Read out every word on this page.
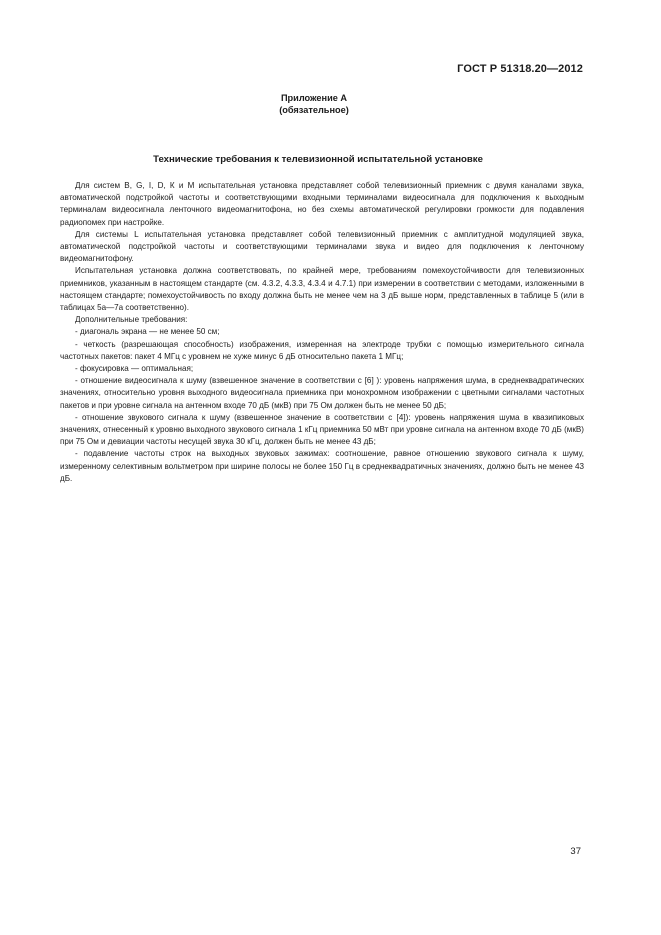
ГОСТ Р 51318.20—2012
Приложение А
(обязательное)
Технические требования к телевизионной испытательной установке

Для систем В, G, I, D, К и М испытательная установка представляет собой телевизионный приемник с двумя каналами звука, автоматической подстройкой частоты и соответствующими входными терминалами видеосигнала для подключения к выходным терминалам видеосигнала ленточного видеомагнитофона, но без схемы автоматической регулировки громкости для подавления радиопомех при настройке.

Для системы L испытательная установка представляет собой телевизионный приемник с амплитудной модуляцией звука, автоматической подстройкой частоты и соответствующими терминалами звука и видео для подключения к ленточному видеомагнитофону.

Испытательная установка должна соответствовать, по крайней мере, требованиям помехоустойчивости для телевизионных приемников, указанным в настоящем стандарте (см. 4.3.2, 4.3.3, 4.3.4 и 4.7.1) при измерении в соответствии с методами, изложенными в настоящем стандарте; помехоустойчивость по входу должна быть не менее чем на 3 дБ выше норм, представленных в таблице 5 (или в таблицах 5а—7а соответственно).

Дополнительные требования:

- диагональ экрана — не менее 50 см;

- четкость (разрешающая способность) изображения, измеренная на электроде трубки с помощью измерительного сигнала частотных пакетов: пакет 4 МГц с уровнем не хуже минус 6 дБ относительно пакета 1 МГц;

- фокусировка — оптимальная;

- отношение видеосигнала к шуму (взвешенное значение в соответствии с [6] ): уровень напряжения шума, в среднеквадратических значениях, относительно уровня выходного видеосигнала приемника при монохромном изображении с цветными сигналами частотных пакетов и при уровне сигнала на антенном входе 70 дБ (мкВ) при 75 Ом должен быть не менее 50 дБ;

- отношение звукового сигнала к шуму (взвешенное значение в соответствии с [4]): уровень напряжения шума в квазипиковых значениях, отнесенный к уровню выходного звукового сигнала 1 кГц приемника 50 мВт при уровне сигнала на антенном входе 70 дБ (мкВ) при 75 Ом и девиации частоты несущей звука 30 кГц, должен быть не менее 43 дБ;

- подавление частоты строк на выходных звуковых зажимах: соотношение, равное отношению звукового сигнала к шуму, измеренному селективным вольтметром при ширине полосы не более 150 Гц в среднеквадратичных значениях, должно быть не менее 43 дБ.

37
